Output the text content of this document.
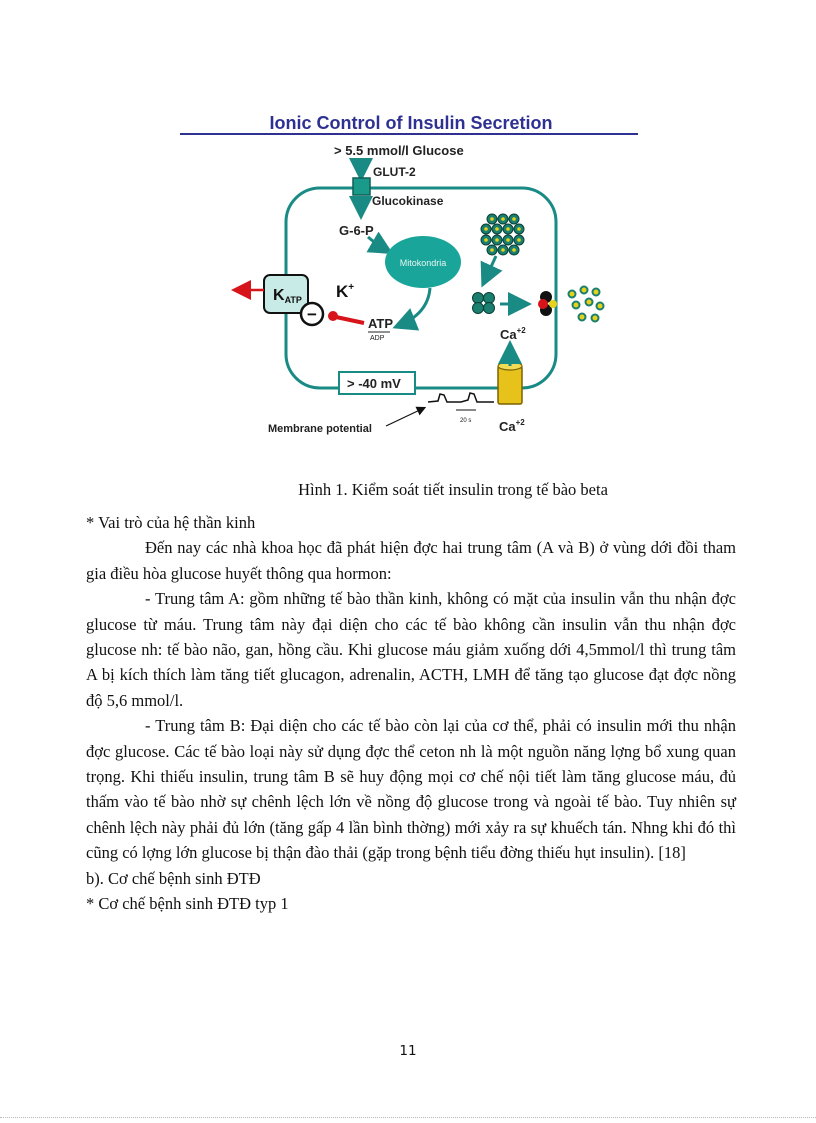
Ionic Control of Insulin Secretion
> 5.5 mmol/l Glucose
GLUT-2
Glucokinase
G-6-P
Mitokondria
ATP
ADP
KATP
−
K+
$Ca^{+2}$
$Ca^{+2}$
> -40 mV
20 s
Membrane potential
Hình 1. Kiểm soát tiết insulin trong tế bào beta

* Vai trò của hệ thần kinh

Đến nay các nhà khoa học đã phát hiện đợc hai trung tâm (A và B) ở vùng dới đồi tham gia điều hòa glucose huyết thông qua hormon:

- Trung tâm A: gồm những tế bào thần kinh, không có mặt của insulin vẫn thu nhận đợc glucose từ máu. Trung tâm này đại diện cho các tế bào không cần insulin vẫn thu nhận đợc glucose nh: tế bào não, gan, hồng cầu. Khi glucose máu giảm xuống dới 4,5mmol/l thì trung tâm A bị kích thích làm tăng tiết glucagon, adrenalin, ACTH, LMH để tăng tạo glucose đạt đợc nồng độ 5,6 mmol/l.

- Trung tâm B: Đại diện cho các tế bào còn lại của cơ thể, phải có insulin mới thu nhận đợc glucose. Các tế bào loại này sử dụng đợc thể ceton nh là một nguồn năng lợng bổ xung quan trọng. Khi thiếu insulin, trung tâm B sẽ huy động mọi cơ chế nội tiết làm tăng glucose máu, đủ thấm vào tế bào nhờ sự chênh lệch lớn về nồng độ glucose trong và ngoài tế bào. Tuy nhiên sự chênh lệch này phải đủ lớn (tăng gấp 4 lần bình thờng) mới xảy ra sự khuếch tán. Nhng khi đó thì cũng có lợng lớn glucose bị thận đào thải (gặp trong bệnh tiểu đờng thiếu hụt insulin). [18]

b). Cơ chế bệnh sinh ĐTĐ

* Cơ chế bệnh sinh ĐTĐ typ 1

11
